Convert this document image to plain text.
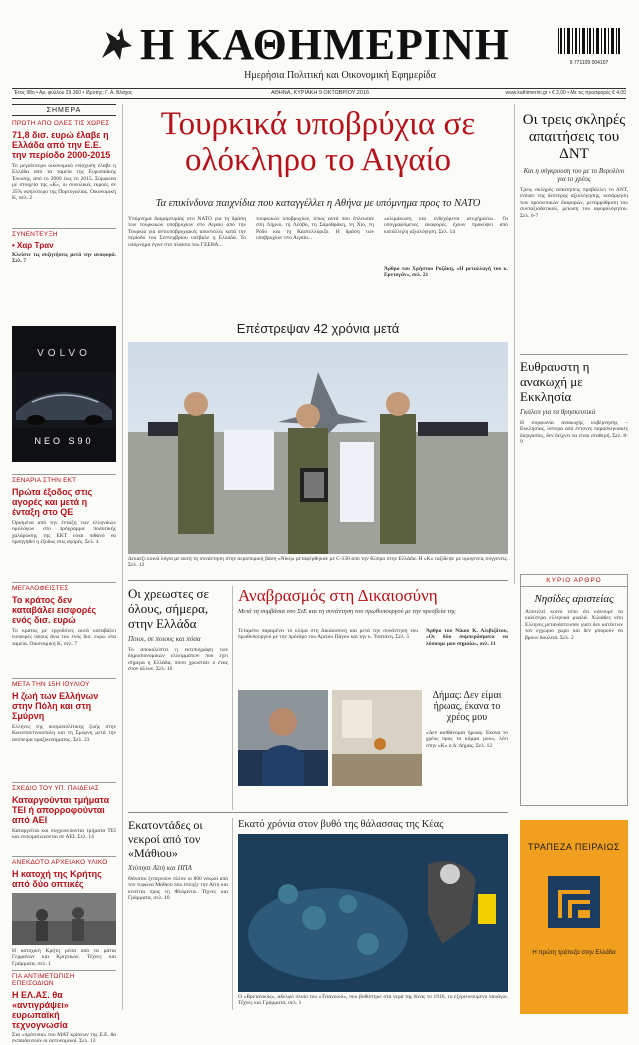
Η ΚΑΘΗΜΕΡΙΝΗ
Ημερήσια Πολιτική και Οικονομική Εφημερίδα
9 771109 004107
Έτος 98ο • Αρ. φύλλου 29.360 • Ιδρυτής: Γ. Α. Βλάχος	ΑΘΗΝΑ, ΚΥΡΙΑΚΗ 9 ΟΚΤΩΒΡΙΟΥ 2016	www.kathimerini.gr • € 2,00 • Με τις προσφορές € 4,00
ΣΗΜΕΡΑ
ΠΡΩΤΗ ΑΠΟ ΟΛΕΣ ΤΙΣ ΧΩΡΕΣ
71,8 δισ. ευρώ έλαβε η Ελλάδα από την Ε.Ε. την περίοδο 2000-2015
Το μεγαλύτερο οικονομικό ενίσχυση έλαβε η Ελλάδα από τα ταμεία της Ευρωπαϊκής Ένωσης, από το 2000 έως το 2015. Σύμφωνα με στοιχεία της «Κ», οι συνολικές εκροές σε 35% υψηλότερο της Πορτογαλίας. Οικονομική Κ, σελ. 2
ΣΥΝΕΝΤΕΥΞΗ
• Χαρ Τραν
Κλείστε τις συζητήσεις μετά την αναφορά. Σελ. 7
VOLVO
NEO S90
ΣΕΝΑΡΙΑ ΣΤΗΝ ΕΚΤ
Πρώτα έξοδος στις αγορές και μετά η ένταξη στο QE
Ορισμένα από την ένταξη των ελληνικών ομολόγων στο πρόγραμμα ποσοτικής χαλάρωσης της ΕΚΤ είναι πιθανό να προηγηθεί η έξοδος στις αγορές. Σελ. 4
ΜΕΓΑΛΟΦΕΙΣΤΕΣ
Το κράτος δεν καταβάλει εισφορές ενός δισ. ευρώ
Το κράτος με εργοδότες αυτά καταβάλει εισφορές ύψους άνω του ενός δισ. ευρώ στα ταμεία. Οικονομική Κ, σελ. 7
ΜΕΤΑ ΤΗΝ 15Η ΙΟΥΛΙΟΥ
Η ζωή των Ελλήνων στην Πόλη και στη Σμύρνη
Ελληνες της κοσμοπολίτικης ζωής στην Κωνσταντινούπολη και τη Σμύρνη μετά την απόπειρα πραξικοπήματος. Σελ. 23
ΣΧΕΔΙΟ ΤΟΥ ΥΠ. ΠΑΙΔΕΙΑΣ
Καταργούνται τμήματα ΤΕΙ ή απορροφούνται από ΑΕΙ
Καταργείται και συγχωνεύονται τμήματα ΤΕΙ και ενσωματώνονται σε ΑΕΙ. Σελ. 14
ΑΝΕΚΔΟΤΟ ΑΡΧΕΙΑΚΟ ΥΛΙΚΟ
Η κατοχή της Κρήτης από δύο οπτικές
Η κατοχική Κρήτη μέσα από τα μάτια Γερμανών και Κρητικών. Τέχνες και Γράμματα, σελ. 1
ΓΙΑ ΑΝΤΙΜΕΤΩΠΙΣΗ ΕΠΕΙΣΟΔΙΩΝ
Η ΕΛ.ΑΣ. θα «αντιγράψει» ευρωπαϊκή τεχνογνωσία
Στα «πρότυπα» του MAT κρίσεων της Ε.Ε. θα εκπαιδευτούν οι αστυνομικοί. Σελ. 13
Τουρκικά υποβρύχια σε ολόκληρο το Αιγαίο
Τα επικίνδυνα παιχνίδια που καταγγέλλει η Αθήνα με υπόμνημα προς το ΝΑΤΟ
Υπόμνημα διαμαρτυρίας στο ΝΑΤΟ για τη δράση των τουρκικών υποβρυχίων στο Αιγαίο από την Τουρκία για αντιυποβρυχιακές αποστολές κατά την περίοδο του Σεπτεμβρίου υπέβαλε η Ελλάδα. Το υπόμνημα έγινε στο πλαίσιο του ΓΕΕΘΑ...
τουρκικών υποβρυχίων, όπως αυτά που έπλευσαν στη Λήμνο, τη Λέσβο, τη Σαμοθράκη, τη Χίο, τη Ρόδο και τη Καστελλόριζο. Η δράση των υποβρυχίων στο Αιγαίο...
«κλιμάκωση και ενδεχόμενα ατυχήματα». Οι υπογραφόμενες αναφορές έχουν προκύψει από κατάλληλη αξιολόγηση. Σελ. 14
Άρθρο του Χρήστου Ροζάκη, «Η μεταλλαγή του κ. Ερντογάν», σελ. 21
Επέστρεψαν 42 χρόνια μετά
Δεκαεξι κοινά λόγοι με αυτή τη συνάντηση στην αεροπορική βάση «Νίκη» μεταφέρθηκαν με C-130 από την Κύπρο στην Ελλάδα. Η «Κ» ταξίδεψε με ομογενείς συγγενείς. Σελ. 12
Οι τρεις σκληρές απαιτήσεις του ΔΝΤ
Και η σύγκρουση του με το Βερολίνο για το χρέος
Τρεις σκληρές απαιτήσεις προβάλλει το ΔΝΤ, ενόψει της δεύτερης αξιολόγησης, κατάργηση των προσωπικών διαφορών, μεταρρύθμιση του συνταξιοδοτικού, μείωση του αφορολόγητου. Σελ. 6-7
Ευθραυστη η ανακωχή με Εκκλησία
Γκάλοπ για τα θρησκευτικά
Η συμφωνία ανακωχής κυβέρνησης – Εκκλησίας, ύστερα από έντονες παρασκηνιακές διεργασίες, δεν δείχνει να είναι σταθερή. Σελ. 8-9
ΚΥΡΙΟ ΑΡΘΡΟ
Νησίδες αριστείας
Αποτελεί κοινό τόπο ότι κάνουμε τα καλύτερα ελληνικά μυαλά. Χιλιάδες νέοι Ελληνες μετανάστευσαν γιατί δεν κατέκτων τον εγχώριο χώρο και δεν μπορούν να βρουν δουλειά. Σελ. 2
ΤΡΑΠΕΖΑ ΠΕΙΡΑΙΩΣ
Η πρώτη τράπεζα στην Ελλάδα
Οι χρεωστες σε όλους, σήμερα, στην Ελλάδα
Ποιοι, σε ποιους και πόσα
Το αποκαλύπτει η εκτιπυγράφη των δημοσιονομικών ελλειμμάτων που έχει σήμερα η Ελλάδα, πόσο χρωστάει ο ένας στον άλλον. Σελ. 10
Αναβρασμός στη Δικαιοσύνη
Μετά τη συμβάσια στο ΣτΕ και τη συνάντηση του πρωθυπουργού με την πρεσβεία της
Τεταμένο παραμένει το κλίμα στη Δικαιοσύνη και μετά την συνάντηση του πρωθυπουργού με την πρόεδρο του Αρείου Πάγου και την κ. Τσατάνη. Σελ. 5
Δήμας: Δεν είμαι ήρωας, έκανα το χρέος μου
«Δεν αισθάνομαι ήρωας. Εκανα το χρέος προς το κόμμα μου», λέει στην «Κ» ο Δ. Δήμας. Σελ. 12
Άρθρο του Νίκου Κ. Αλιβιζάτου, «Οι δύο συμπεράσματα να λύσουμε μου σημαία», σελ. 11
Εκατοντάδες οι νεκροί από τον «Μάθιου»
Χτύπησε Αϊτή και ΗΠΑ
Θάνατοι ξεπερνούν πλέον οι 800 νεκροί από τον τυφώνα Μάθιου που έπληξε την Αϊτή και κινείται προς τη Φλόριντα. Τέχνες και Γράμματα, σελ. 10
Εκατό χρόνια στον βυθό της θάλασσας της Κέας
Ο «Βρετανικός», αδελφό πλοίο του «Τιτανικού», που βυθίστηκε στα νερά της Κέας το 1916, το εξερευνούμενο ναυάγιο. Τέχνες και Γράμματα, σελ. 1
